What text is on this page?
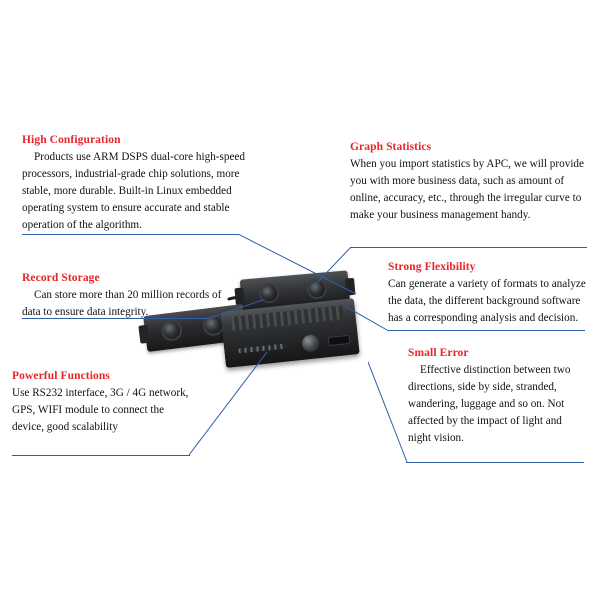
High Configuration
Products use ARM DSPS dual-core high-speed processors, industrial-grade chip solutions, more stable, more durable. Built-in Linux embedded operating system to ensure accurate and stable operation of the algorithm.
Record Storage
Can store more than 20 million records of data to ensure data integrity.
Powerful Functions
Use RS232 interface, 3G / 4G network, GPS, WIFI module to connect the device, good scalability
Graph Statistics
When you import statistics by APC, we will provide you with more business data, such as amount of online, accuracy, etc., through the irregular curve to make your business management handy.
Strong Flexibility
Can generate a variety of formats to analyze the data, the different background software has a corresponding analysis and decision.
Small Error
Effective distinction between two directions, side by side, stranded, wandering, luggage and so on. Not affected by the impact of light and night vision.
